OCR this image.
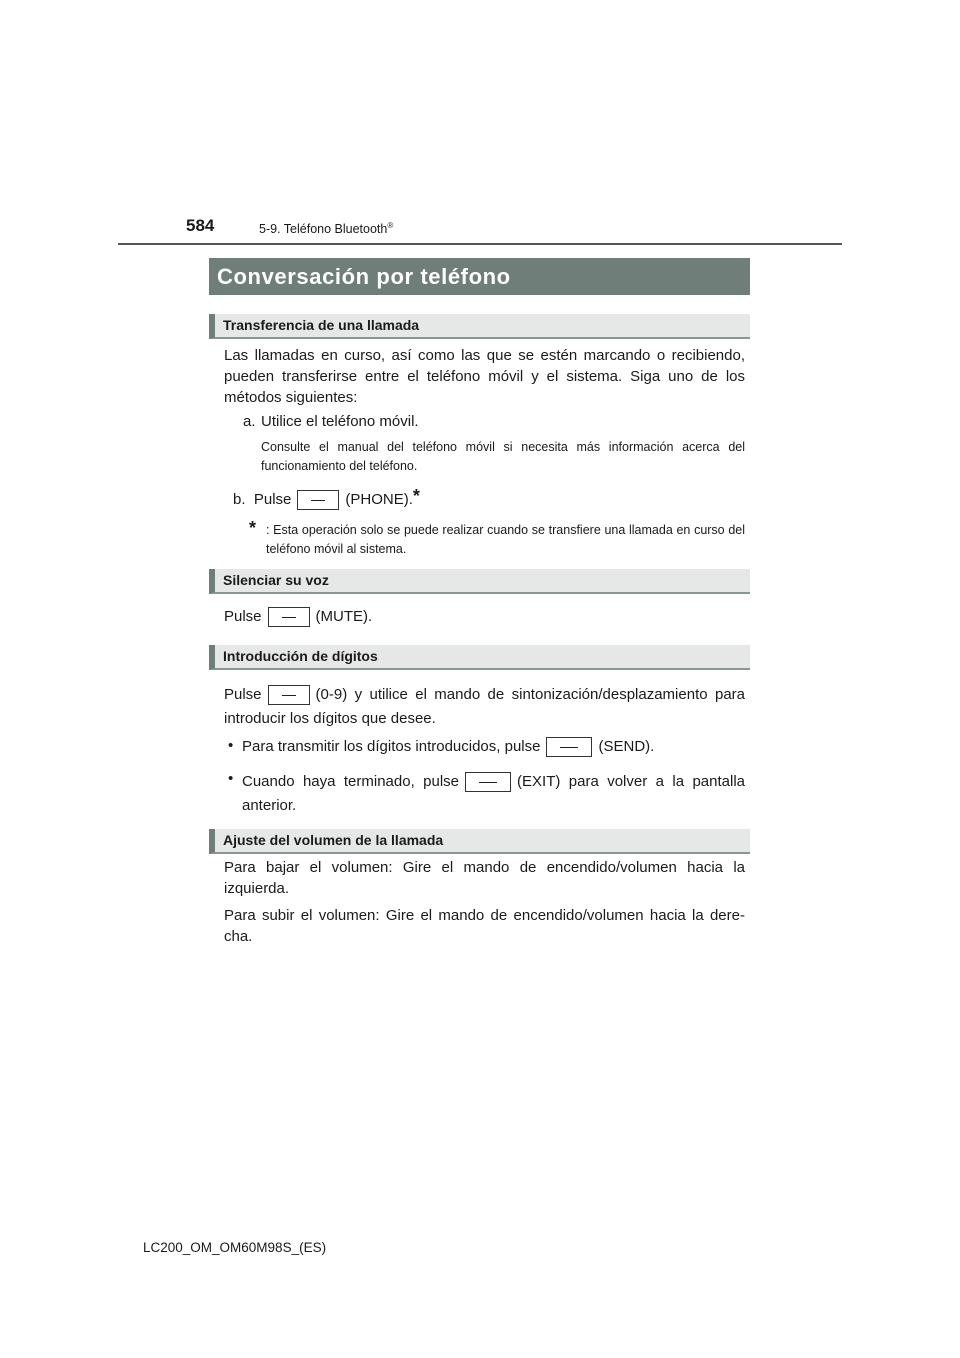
584	5-9. Teléfono Bluetooth®
Conversación por teléfono
Transferencia de una llamada
Las llamadas en curso, así como las que se estén marcando o recibiendo, pueden transferirse entre el teléfono móvil y el sistema. Siga uno de los métodos siguientes:
a. Utilice el teléfono móvil.
Consulte el manual del teléfono móvil si necesita más información acerca del funcionamiento del teléfono.
b. Pulse	(PHONE).*
* : Esta operación solo se puede realizar cuando se transfiere una llamada en curso del teléfono móvil al sistema.
Silenciar su voz
Pulse	(MUTE).
Introducción de dígitos
Pulse	(0-9) y utilice el mando de sintonización/desplazamiento para introducir los dígitos que desee.
• Para transmitir los dígitos introducidos, pulse	(SEND).
• Cuando haya terminado, pulse	(EXIT) para volver a la pantalla anterior.
Ajuste del volumen de la llamada
Para bajar el volumen: Gire el mando de encendido/volumen hacia la izquierda.
Para subir el volumen: Gire el mando de encendido/volumen hacia la dere-cha.
LC200_OM_OM60M98S_(ES)
